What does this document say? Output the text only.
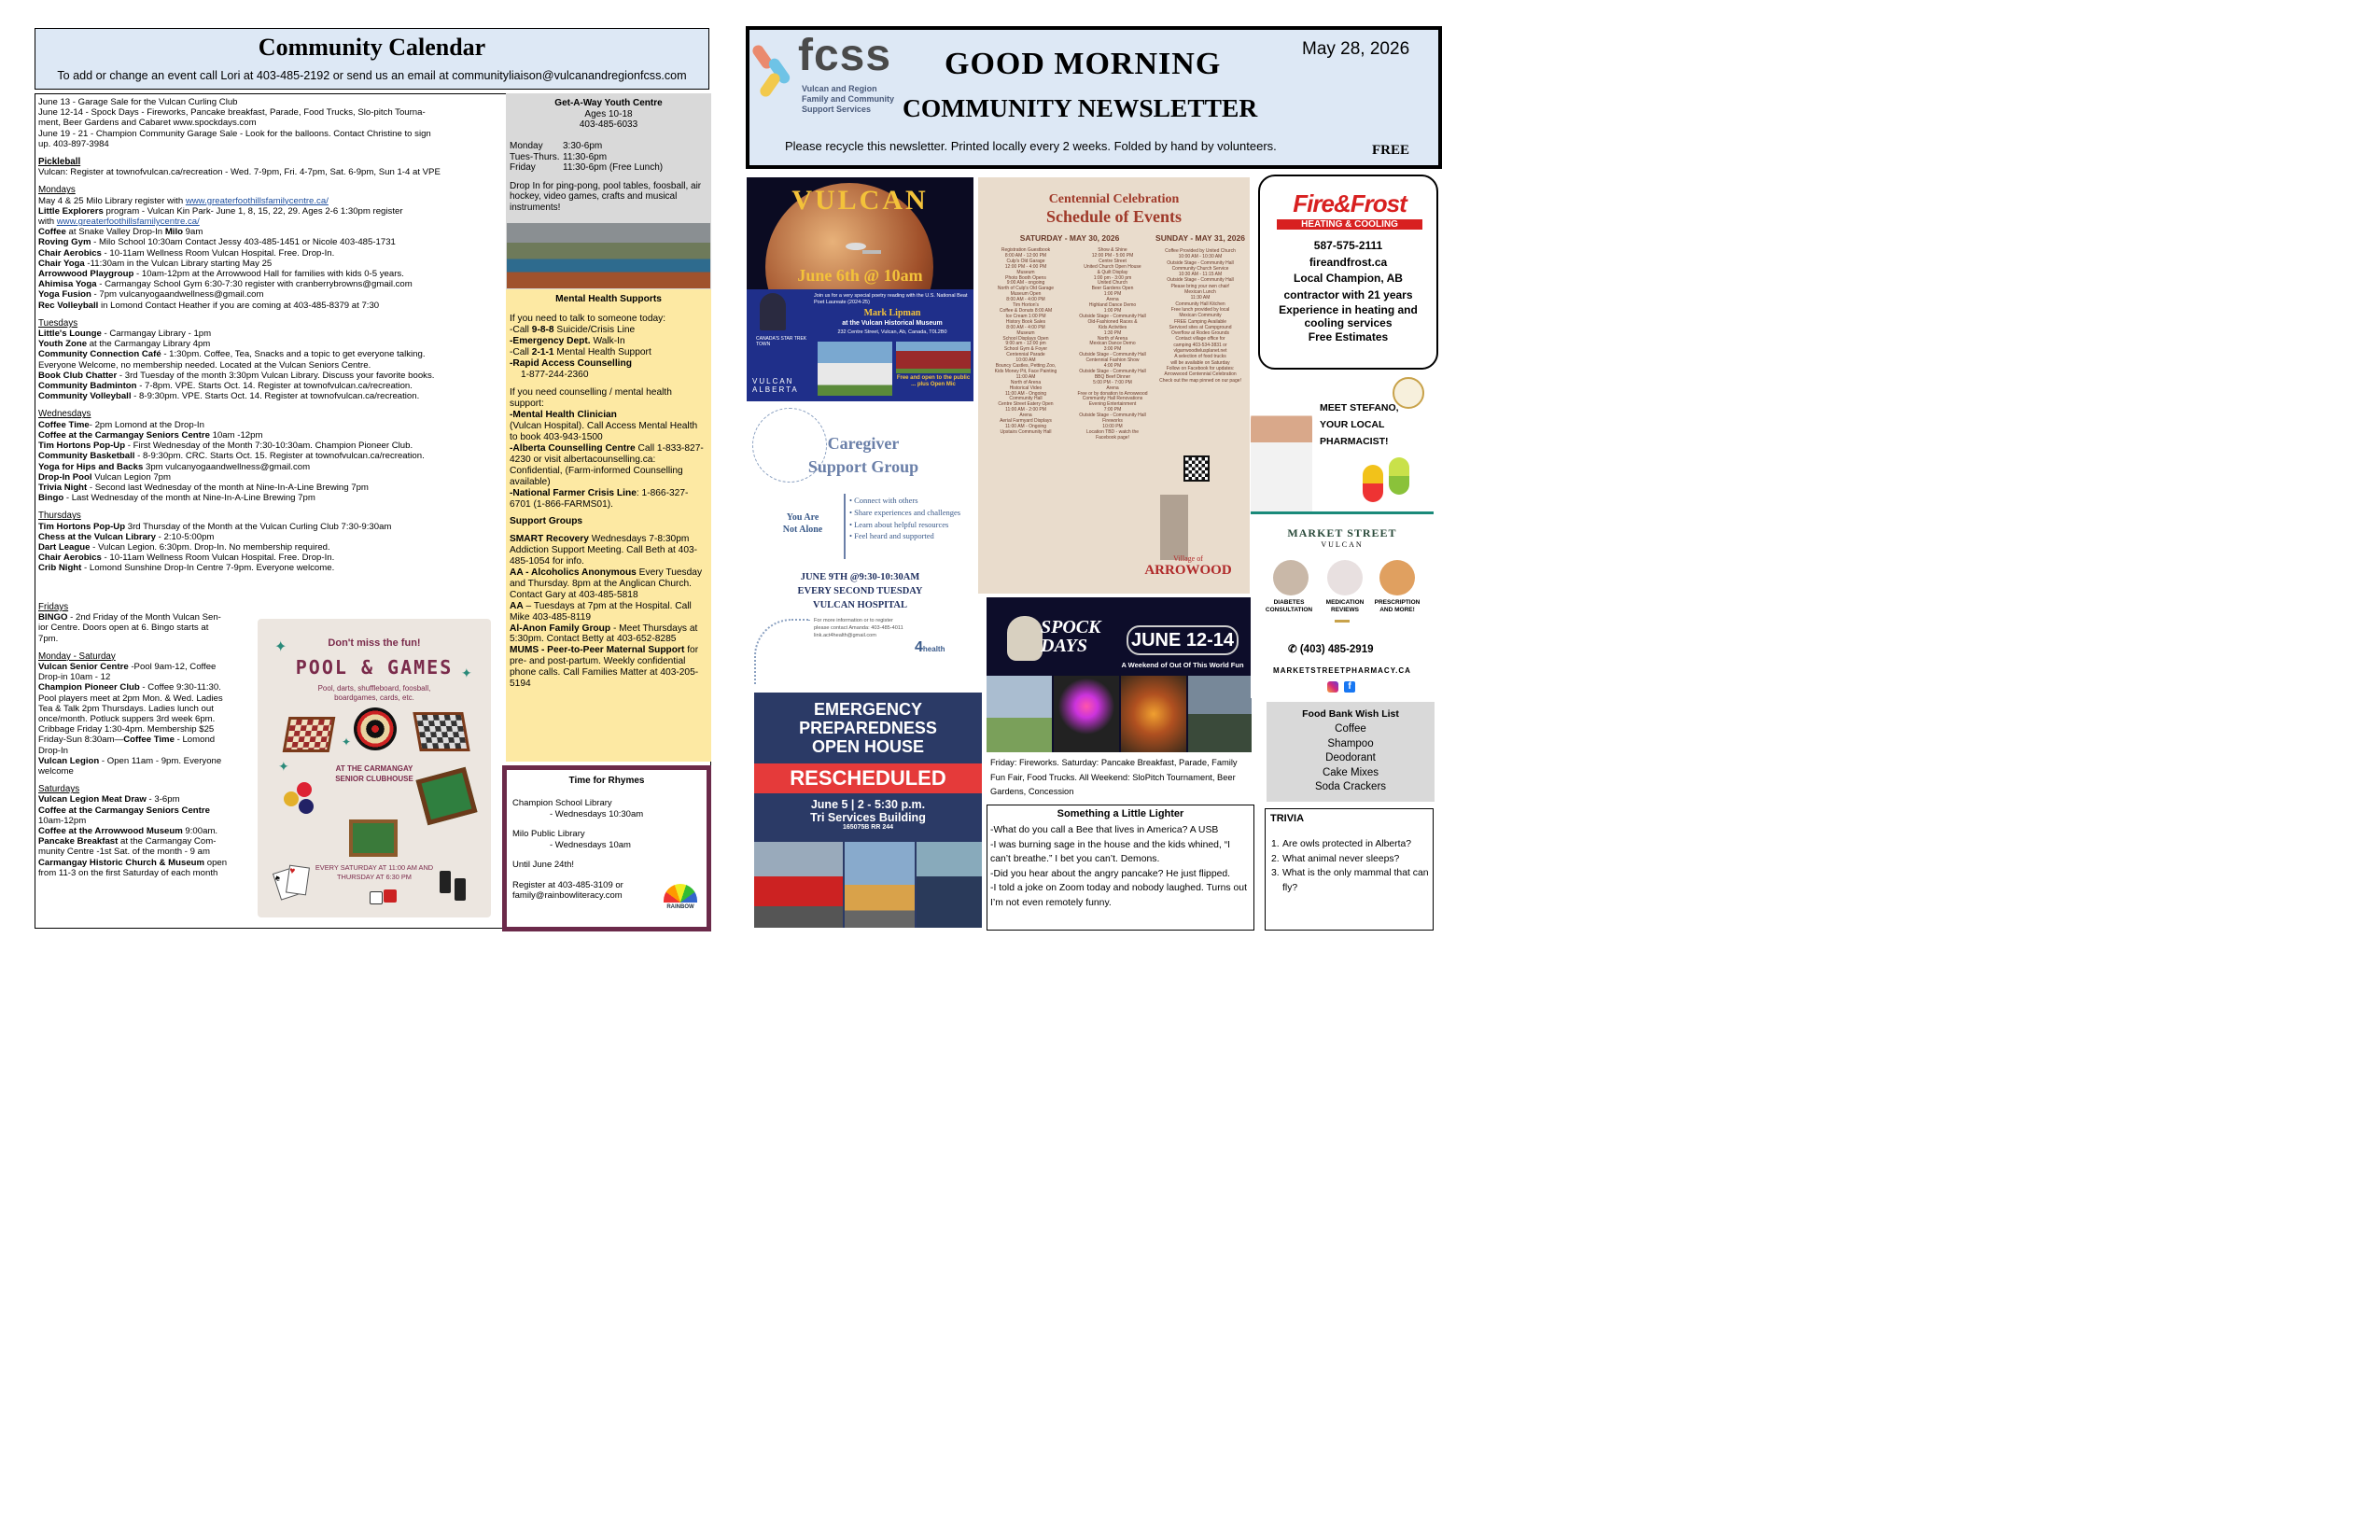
Community Calendar
To add or change an event call Lori at 403-485-2192 or send us an email at communityliaison@vulcanandregionfcss.com
June 13 - Garage Sale for the Vulcan Curling Club
June 12-14 - Spock Days - Fireworks, Pancake breakfast, Parade, Food Trucks, Slo-pitch Tourna-
ment, Beer Gardens and Cabaret www.spockdays.com
June 19 - 21 - Champion Community Garage Sale - Look for the balloons. Contact Christine to sign
up. 403-897-3984
Pickleball
Vulcan: Register at townofvulcan.ca/recreation - Wed. 7-9pm, Fri. 4-7pm, Sat. 6-9pm, Sun 1-4 at VPE
Mondays
May 4 & 25 Milo Library register with www.greaterfoothillsfamilycentre.ca/
Little Explorers program - Vulcan Kin Park- June 1, 8, 15, 22, 29. Ages 2-6 1:30pm register
with www.greaterfoothillsfamilycentre.ca/
Coffee at Snake Valley Drop-In Milo 9am
Roving Gym - Milo School 10:30am Contact Jessy 403-485-1451 or Nicole 403-485-1731
Chair Aerobics - 10-11am Wellness Room Vulcan Hospital. Free. Drop-In.
Chair Yoga -11:30am in the Vulcan Library starting May 25
Arrowwood Playgroup - 10am-12pm at the Arrowwood Hall for families with kids 0-5 years.
Ahimisa Yoga - Carmangay School Gym 6:30-7:30 register with cranberrybrowns@gmail.com
Yoga Fusion - 7pm vulcanyogaandwellness@gmail.com
Rec Volleyball in Lomond Contact Heather if you are coming at 403-485-8379 at 7:30
Tuesdays
Little's Lounge - Carmangay Library - 1pm
Youth Zone at the Carmangay Library 4pm
Community Connection Café - 1:30pm. Coffee, Tea, Snacks and a topic to get everyone talking.
Everyone Welcome, no membership needed. Located at the Vulcan Seniors Centre.
Book Club Chatter - 3rd Tuesday of the month 3:30pm Vulcan Library. Discuss your favorite books.
Community Badminton - 7-8pm. VPE. Starts Oct. 14. Register at townofvulcan.ca/recreation.
Community Volleyball - 8-9:30pm. VPE. Starts Oct. 14. Register at townofvulcan.ca/recreation.
Wednesdays
Coffee Time- 2pm Lomond at the Drop-In
Coffee at the Carmangay Seniors Centre 10am -12pm
Tim Hortons Pop-Up - First Wednesday of the Month 7:30-10:30am. Champion Pioneer Club.
Community Basketball - 8-9:30pm. CRC. Starts Oct. 15. Register at townofvulcan.ca/recreation.
Yoga for Hips and Backs 3pm vulcanyogaandwellness@gmail.com
Drop-In Pool Vulcan Legion 7pm
Trivia Night - Second last Wednesday of the month at Nine-In-A-Line Brewing 7pm
Bingo - Last Wednesday of the month at Nine-In-A-Line Brewing 7pm
Thursdays
Tim Hortons Pop-Up 3rd Thursday of the Month at the Vulcan Curling Club 7:30-9:30am
Chess at the Vulcan Library - 2:10-5:00pm
Dart League - Vulcan Legion. 6:30pm. Drop-In. No membership required.
Chair Aerobics - 10-11am Wellness Room Vulcan Hospital. Free. Drop-In.
Crib Night - Lomond Sunshine Drop-In Centre 7-9pm. Everyone welcome.
Fridays
BINGO - 2nd Friday of the Month Vulcan Sen-
ior Centre. Doors open at 6. Bingo starts at
7pm.
Monday - Saturday
Vulcan Senior Centre -Pool 9am-12, Coffee
Drop-in 10am - 12
Champion Pioneer Club - Coffee 9:30-11:30.
Pool players meet at 2pm Mon. & Wed. Ladies
Tea & Talk 2pm Thursdays. Ladies lunch out
once/month. Potluck suppers 3rd week 6pm.
Cribbage Friday 1:30-4pm. Membership $25
Friday-Sun 8:30am—Coffee Time - Lomond
Drop-In
Vulcan Legion - Open 11am - 9pm. Everyone
welcome
Saturdays
Vulcan Legion Meat Draw - 3-6pm
Coffee at the Carmangay Seniors Centre
10am-12pm
Coffee at the Arrowwood Museum 9:00am.
Pancake Breakfast at the Carmangay Com-
munity Centre -1st Sat. of the month - 9 am
Carmangay Historic Church & Museum open
from 11-3 on the first Saturday of each month
Don't miss the fun!
POOL & GAMES
Pool, darts, shuffleboard, foosball, boardgames, cards, etc.
✦
✦
✦
✦
AT THE CARMANGAY SENIOR CLUBHOUSE
EVERY SATURDAY AT 11:00 AM AND THURSDAY AT 6:30 PM
♠
♥
Get-A-Way Youth Centre
Ages 10-18
403-485-6033
Monday 3:30-6pm
Tues-Thurs. 11:30-6pm
Friday	11:30-6pm (Free Lunch)
Drop In for ping-pong, pool tables, foosball, air hockey, video games, crafts and musical instruments!
Mental Health Supports
If you need to talk to someone today:
-Call 9-8-8 Suicide/Crisis Line
-Emergency Dept. Walk-In
-Call 2-1-1 Mental Health Support
-Rapid Access Counselling
1-877-244-2360
If you need counselling / mental health support:
-Mental Health Clinician
(Vulcan Hospital). Call Access Mental Health to book 403-943-1500
-Alberta Counselling Centre Call 1-833-827-4230 or visit albertacounselling.ca: Confidential, (Farm-informed Counselling available)
-National Farmer Crisis Line: 1-866-327-6701 (1-866-FARMS01).
Support Groups
SMART Recovery Wednesdays 7-8:30pm Addiction Support Meeting. Call Beth at 403-485-1054 for info.
AA - Alcoholics Anonymous Every Tuesday and Thursday. 8pm at the Anglican Church. Contact Gary at 403-485-5818
AA – Tuesdays at 7pm at the Hospital. Call Mike 403-485-8119
Al-Anon Family Group - Meet Thursdays at 5:30pm. Contact Betty at 403-652-8285
MUMS - Peer-to-Peer Maternal Support for pre- and post-partum. Weekly confidential phone calls. Call Families Matter at 403-205-5194
Time for Rhymes
Champion School Library
- Wednesdays 10:30am
Milo Public Library
- Wednesdays 10am
Until June 24th!
Register at 403-485-3109 or family@rainbowliteracy.com
RAINBOW
fcss
Vulcan and Region
Family and Community
Support Services
GOOD MORNING
COMMUNITY NEWSLETTER
May 28, 2026
Please recycle this newsletter. Printed locally every 2 weeks. Folded by hand by volunteers.	FREE
VULCAN
June 6th @ 10am
Join us for a very special poetry reading with the U.S. National Beat Poet Laureate (2024-25)
Mark Lipman
at the Vulcan Historical Museum
232 Centre Street, Vulcan, Ab, Canada, T0L2B0
CANADA'S STAR TREK TOWN
Free and open to the public ... plus Open Mic
VULCAN ALBERTA
Caregiver
Support Group
You Are
Not Alone
• Connect with others
• Share experiences and challenges
• Learn about helpful resources
• Feel heard and supported
JUNE 9TH @9:30-10:30AM
EVERY SECOND TUESDAY
VULCAN HOSPITAL
For more information or to register please contact Amanda: 403-485-4011 link.act4health@gmail.com
4health
EMERGENCY
PREPAREDNESS
OPEN HOUSE
RESCHEDULED
June 5 | 2 - 5:30 p.m.
Tri Services Building
165075B RR 244
Centennial Celebration
Schedule of Events
SATURDAY - MAY 30, 2026	SUNDAY - MAY 31, 2026
Registration Guestbook
8:00 AM - 12:00 PM
Culp's Old Garage
12:00 PM - 4:00 PM
Museum
Photo Booth Opens
9:00 AM - ongoing
North of Culp's Old Garage
Museum Open
8:00 AM - 4:00 PM
Tim Horton's
Coffee & Donuts 8:00 AM
Ice Cream 1:00 PM
History Book Sales
8:00 AM - 4:00 PM
Museum
School Displays Open
9:00 am - 12:00 pm
School Gym & Foyer
Centennial Parade
10:00 AM
Bouncy Castles, Petting Zoo,
Kids Money Pit, Face Painting
11:00 AM
North of Arena
Historical Video
11:00 AM - Ongoing
Community Hall
Centre Street Eatery Open
11:00 AM - 2:00 PM
Arena
Aerial Farmyard Displays
11:00 AM - Ongoing
Upstairs Community Hall
Show & Shine
12:00 PM - 5:00 PM
Centre Street
United Church Open House
& Quilt Display
1:00 pm - 3:00 pm
United Church
Beer Gardens Open
1:00 PM
Arena
Highland Dance Demo
1:00 PM
Outside Stage - Community Hall
Old-Fashioned Races &
Kids Activities
1:30 PM
North of Arena
Mexican Dance Demo
3:00 PM
Outside Stage - Community Hall
Centennial Fashion Show
4:00 PM
Outside Stage - Community Hall
BBQ Beef Dinner
5:00 PM - 7:00 PM
Arena
Free or by donation to Arrowwood
Community Hall Renovations
Evening Entertainment
7:00 PM
Outside Stage - Community Hall
Fireworks
10:00 PM
Location TBD - watch the
Facebook page!
Coffee Provided by United Church
10:00 AM - 10:30 AM
Outside Stage - Community Hall
Community Church Service
10:30 AM - 11:15 AM
Outside Stage - Community Hall
Please bring your own chair!
Mexican Lunch
11:30 AM
Community Hall Kitchen
Free lunch provided by local
Mexican Community
FREE Camping Available
Serviced sites at Campground
Overflow at Rodeo Grounds
Contact village office for
camping 403-534-3831 or
vlgarrwoodtelusplanet.net
A selection of food trucks
will be available on Saturday
Follow on Facebook for updates:
Arrowwood Centennial Celebration
Check out the map pinned on our page!
Village of
ARROWOOD
SPOCK DAYS	JUNE 12-14
A Weekend of Out Of This World Fun
Friday: Fireworks. Saturday: Pancake Breakfast, Parade, Family Fun Fair, Food Trucks. All Weekend: SloPitch Tournament, Beer Gardens, Concession
Something a Little Lighter
-What do you call a Bee that lives in America? A USB
-I was burning sage in the house and the kids whined, “I can’t breathe.” I bet you can’t. Demons.
-Did you hear about the angry pancake? He just flipped.
-I told a joke on Zoom today and nobody laughed. Turns out I’m not even remotely funny.
Fire&Frost
HEATING & COOLING
587-575-2111
fireandfrost.ca
Local Champion, AB
contractor with 21 years
Experience in heating and cooling services
Free Estimates
MEET STEFANO,
YOUR LOCAL PHARMACIST!
MARKET STREET
VULCAN
DIABETES CONSULTATION
MEDICATION REVIEWS
PRESCRIPTION AND MORE!
✆ (403) 485-2919
MARKETSTREETPHARMACY.CA
f
Food Bank Wish List
Coffee
Shampoo
Deodorant
Cake Mixes
Soda Crackers
TRIVIA
1. Are owls protected in Alberta?
2. What animal never sleeps?
3. What is the only mammal that can fly?
